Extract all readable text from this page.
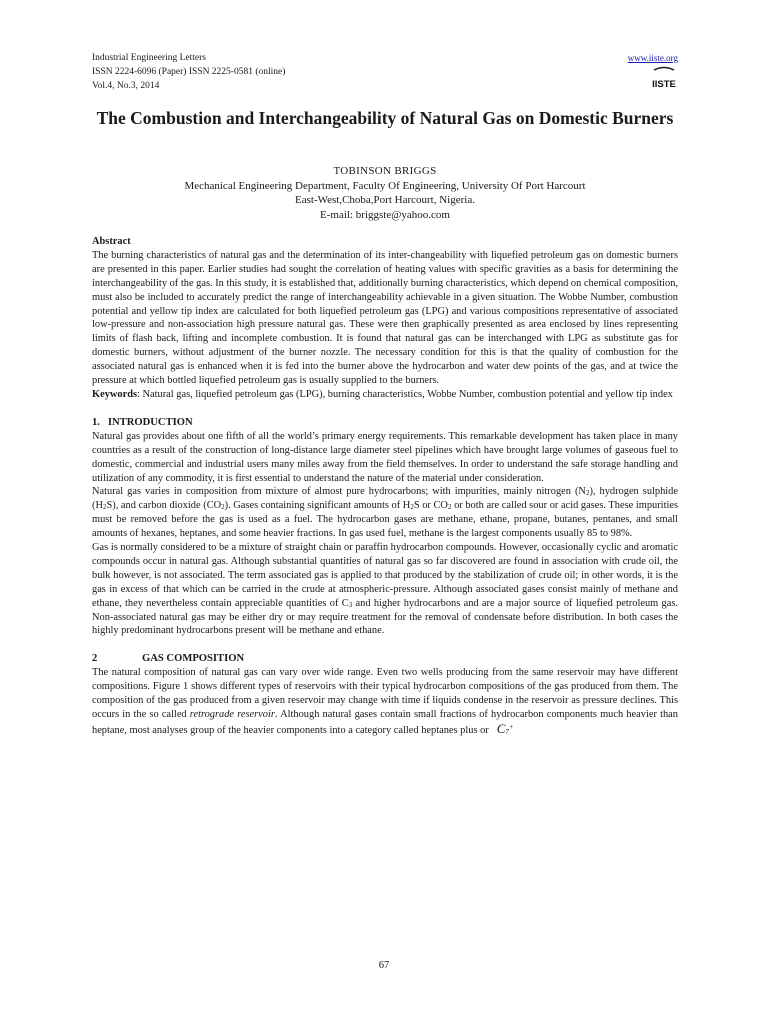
Industrial Engineering Letters	www.iiste.org
ISSN 2224-6096 (Paper) ISSN 2225-0581 (online)
Vol.4, No.3, 2014	IISTE
The Combustion and Interchangeability of Natural Gas on Domestic Burners
TOBINSON BRIGGS
Mechanical Engineering Department, Faculty Of Engineering, University Of Port Harcourt
East-West,Choba,Port Harcourt, Nigeria.
E-mail: briggste@yahoo.com
Abstract

The burning characteristics of natural gas and the determination of its inter-changeability with liquefied petroleum gas on domestic burners are presented in this paper. Earlier studies had sought the correlation of heating values with specific gravities as a basis for determining the interchangeability of the gas. In this study, it is established that, additionally burning characteristics, which depend on chemical composition, must also be included to accurately predict the range of interchangeability achievable in a given situation. The Wobbe Number, combustion potential and yellow tip index are calculated for both liquefied petroleum gas (LPG) and various compositions representative of associated low-pressure and non-association high pressure natural gas. These were then graphically presented as area enclosed by lines representing limits of flash back, lifting and incomplete combustion. It is found that natural gas can be interchanged with LPG as substitute gas for domestic burners, without adjustment of the burner nozzle. The necessary condition for this is that the quality of combustion for the associated natural gas is enhanced when it is fed into the burner above the hydrocarbon and water dew points of the gas, and at twice the pressure at which bottled liquefied petroleum gas is usually supplied to the burners.

Keywords: Natural gas, liquefied petroleum gas (LPG), burning characteristics, Wobbe Number, combustion potential and yellow tip index

1. INTRODUCTION

Natural gas provides about one fifth of all the world’s primary energy requirements. This remarkable development has taken place in many countries as a result of the construction of long-distance large diameter steel pipelines which have brought large volumes of gaseous fuel to domestic, commercial and industrial users many miles away from the field themselves. In order to understand the safe storage handling and utilization of any commodity, it is first essential to understand the nature of the material under consideration.

Natural gas varies in composition from mixture of almost pure hydrocarbons; with impurities, mainly nitrogen $(N_2)$, hydrogen sulphide $(H_2S)$, and carbon dioxide $(CO_2)$. Gases containing significant amounts of $H_2S$ or $CO_2$ or both are called sour or acid gases. These impurities must be removed before the gas is used as a fuel. The hydrocarbon gases are methane, ethane, propane, butanes, pentanes, and small amounts of hexanes, heptanes, and some heavier fractions. In gas used fuel, methane is the largest components usually 85 to 98%.

Gas is normally considered to be a mixture of straight chain or paraffin hydrocarbon compounds. However, occasionally cyclic and aromatic compounds occur in natural gas. Although substantial quantities of natural gas so far discovered are found in association with crude oil, the bulk however, is not associated. The term associated gas is applied to that produced by the stabilization of crude oil; in other words, it is the gas in excess of that which can be carried in the crude at atmospheric-pressure. Although associated gases consist mainly of methane and ethane, they nevertheless contain appreciable quantities of $C_3$ and higher hydrocarbons and are a major source of liquefied petroleum gas. Non-associated natural gas may be either dry or may require treatment for the removal of condensate before distribution. In both cases the highly predominant hydrocarbons present will be methane and ethane.

2	GAS COMPOSITION

The natural composition of natural gas can vary over wide range. Even two wells producing from the same reservoir may have different compositions. Figure 1 shows different types of reservoirs with their typical hydrocarbon compositions of the gas produced from them. The composition of the gas produced from a given reservoir may change with time if liquids condense in the reservoir as pressure declines. This occurs in the so called retrograde reservoir. Although natural gases contain small fractions of hydrocarbon components much heavier than heptane, most analyses group of the heavier components into a category called heptanes plus or $C_7^+$

67
